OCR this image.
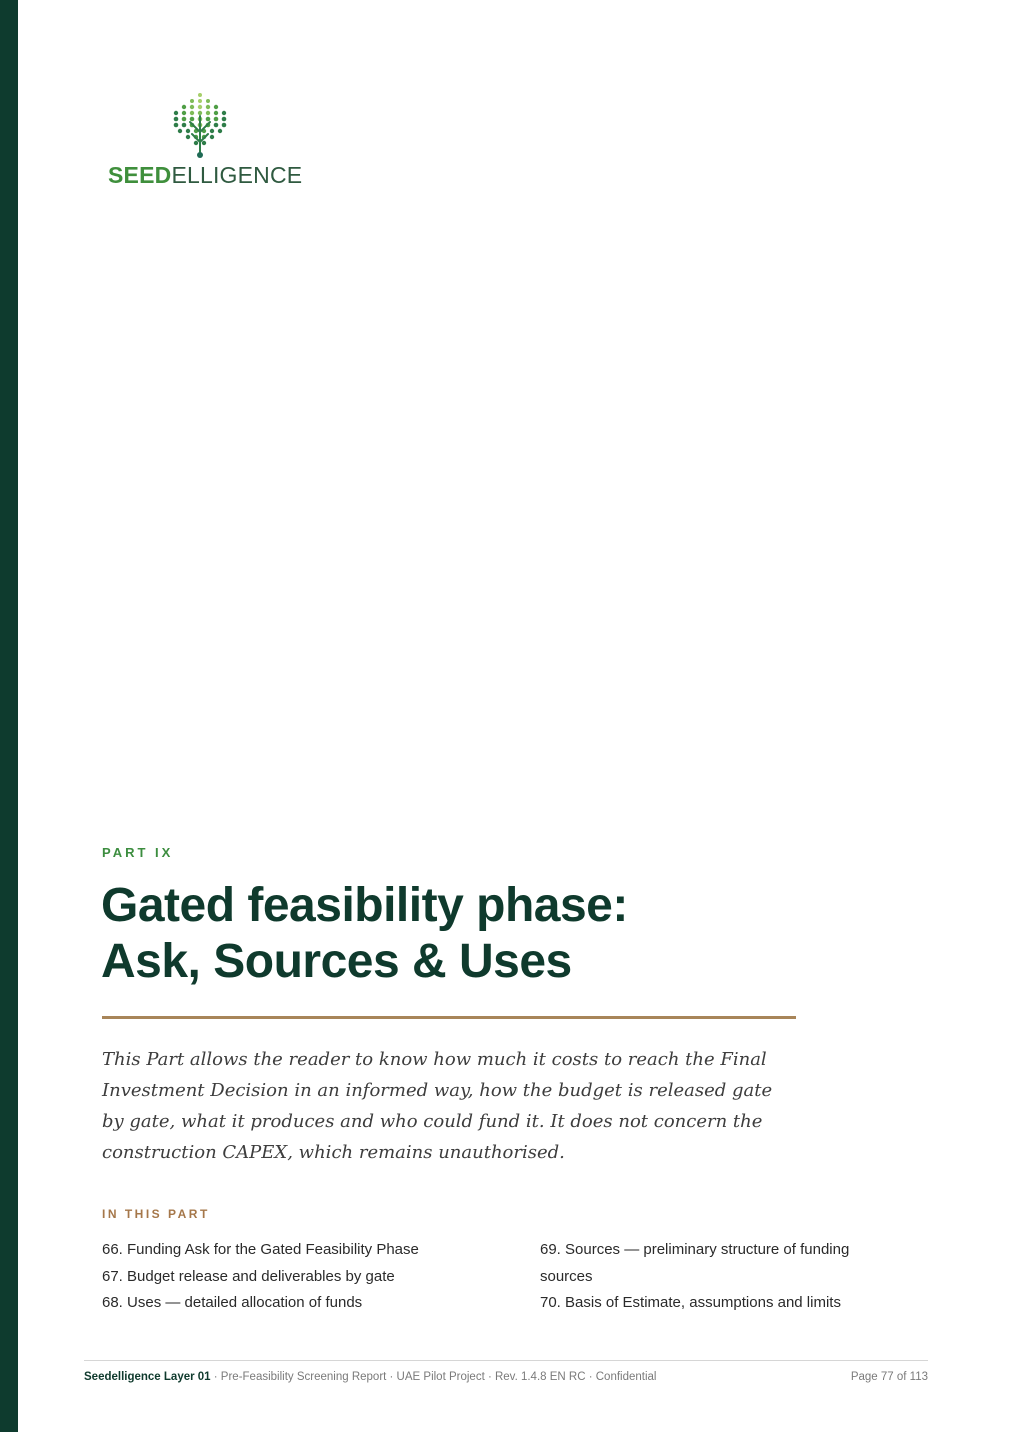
SEEDELLIGENCE
PART IX
Gated feasibility phase:
Ask, Sources & Uses

This Part allows the reader to know how much it costs to reach the Final Investment Decision in an informed way, how the budget is released gate by gate, what it produces and who could fund it. It does not concern the construction CAPEX, which remains unauthorised.

IN THIS PART
66. Funding Ask for the Gated Feasibility Phase
67. Budget release and deliverables by gate
68. Uses — detailed allocation of funds
69. Sources — preliminary structure of funding sources
70. Basis of Estimate, assumptions and limits
Seedelligence Layer 01 · Pre-Feasibility Screening Report · UAE Pilot Project · Rev. 1.4.8 EN RC · Confidential	Page 77 of 113
